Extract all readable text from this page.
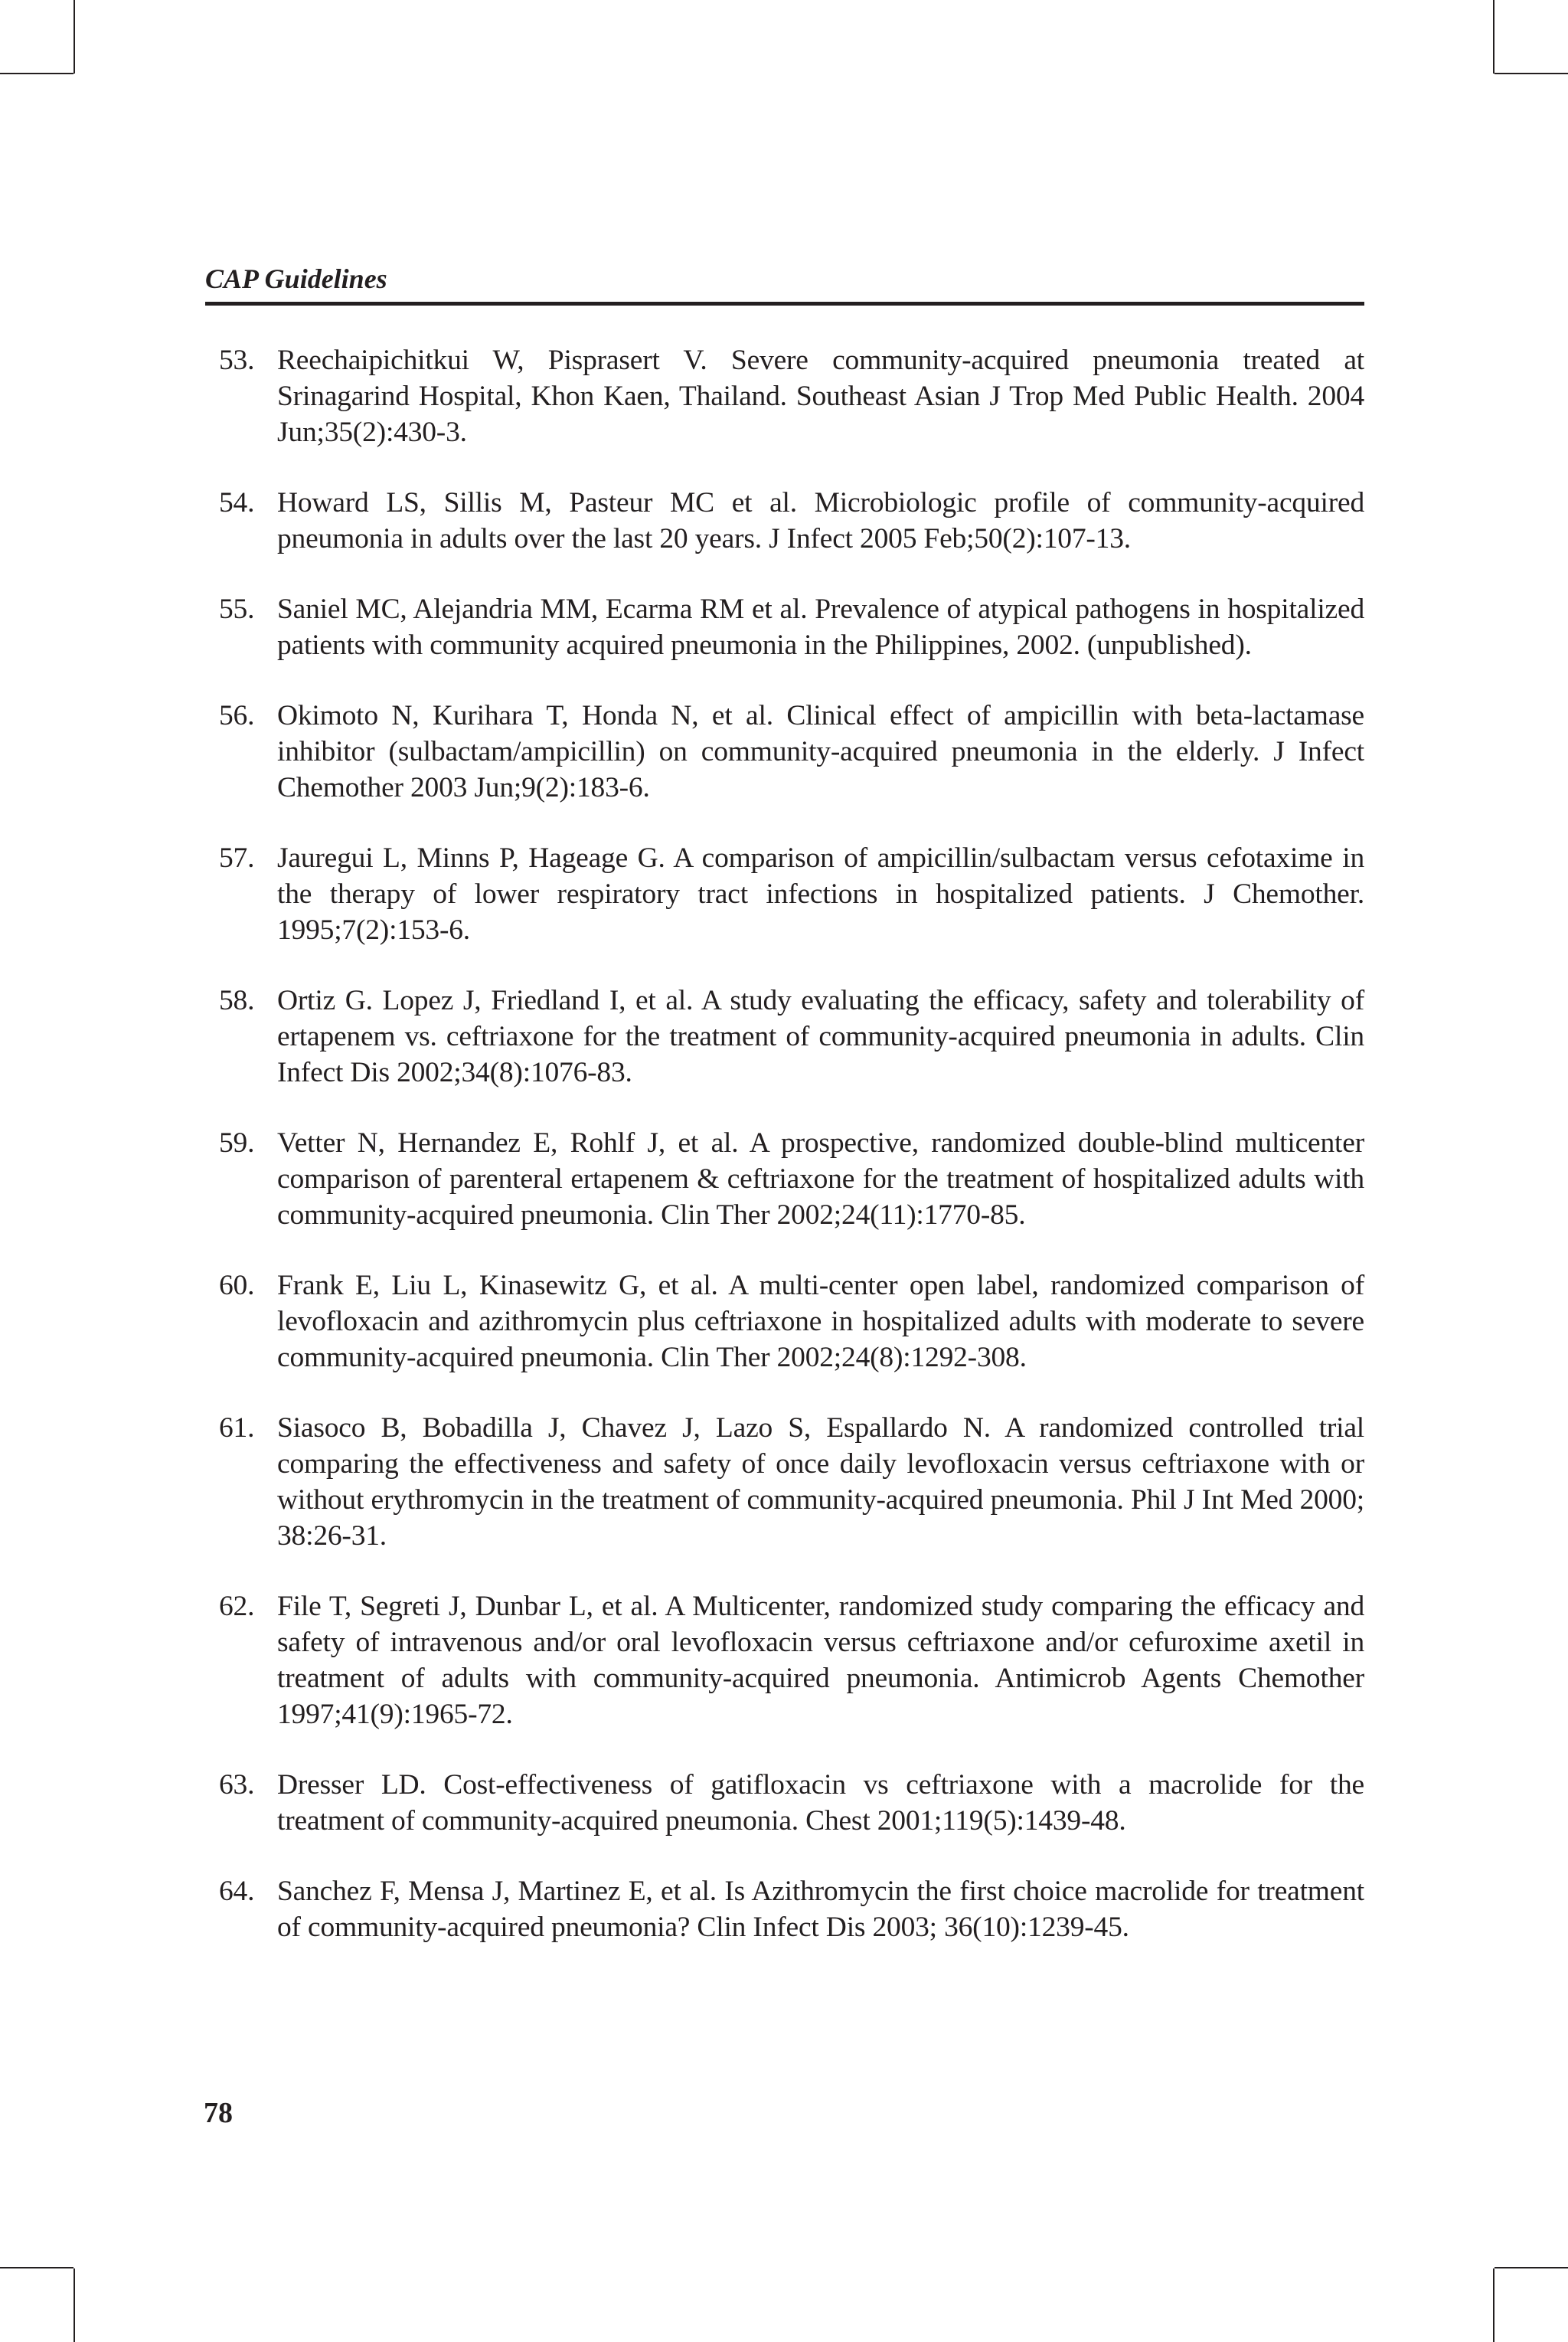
CAP Guidelines
53. Reechaipichitkui W, Pisprasert V. Severe community-acquired pneumonia treated at Srinagarind Hospital, Khon Kaen, Thailand. Southeast Asian J Trop Med Public Health. 2004 Jun;35(2):430-3.
54. Howard LS, Sillis M, Pasteur MC et al. Microbiologic profile of community-acquired pneumonia in adults over the last 20 years. J Infect 2005 Feb;50(2):107-13.
55. Saniel MC, Alejandria MM, Ecarma RM et al. Prevalence of atypical pathogens in hospitalized patients with community acquired pneumonia in the Philippines, 2002. (unpublished).
56. Okimoto N, Kurihara T, Honda N, et al. Clinical effect of ampicillin with beta-lactamase inhibitor (sulbactam/ampicillin) on community-acquired pneumonia in the elderly. J Infect Chemother 2003 Jun;9(2):183-6.
57. Jauregui L, Minns P, Hageage G. A comparison of ampicillin/sulbactam versus cefotaxime in the therapy of lower respiratory tract infections in hospitalized patients. J Chemother. 1995;7(2):153-6.
58. Ortiz G. Lopez J, Friedland I, et al. A study evaluating the efficacy, safety and tolerability of ertapenem vs. ceftriaxone for the treatment of community-acquired pneumonia in adults. Clin Infect Dis 2002;34(8):1076-83.
59. Vetter N, Hernandez E, Rohlf J, et al. A prospective, randomized double-blind multicenter comparison of parenteral ertapenem & ceftriaxone for the treatment of hospitalized adults with community-acquired pneumonia. Clin Ther 2002;24(11):1770-85.
60. Frank E, Liu L, Kinasewitz G, et al. A multi-center open label, randomized comparison of levofloxacin and azithromycin plus ceftriaxone in hospitalized adults with moderate to severe community-acquired pneumonia. Clin Ther 2002;24(8):1292-308.
61. Siasoco B, Bobadilla J, Chavez J, Lazo S, Espallardo N. A randomized controlled trial comparing the effectiveness and safety of once daily levofloxacin versus ceftriaxone with or without erythromycin in the treatment of community-acquired pneumonia. Phil J Int Med 2000; 38:26-31.
62. File T, Segreti J, Dunbar L, et al. A Multicenter, randomized study comparing the efficacy and safety of intravenous and/or oral levofloxacin versus ceftriaxone and/or cefuroxime axetil in treatment of adults with community-acquired pneumonia. Antimicrob Agents Chemother 1997;41(9):1965-72.
63. Dresser LD. Cost-effectiveness of gatifloxacin vs ceftriaxone with a macrolide for the treatment of community-acquired pneumonia. Chest 2001;119(5):1439-48.
64. Sanchez F, Mensa J, Martinez E, et al. Is Azithromycin the first choice macrolide for treatment of community-acquired pneumonia? Clin Infect Dis 2003; 36(10):1239-45.
78
